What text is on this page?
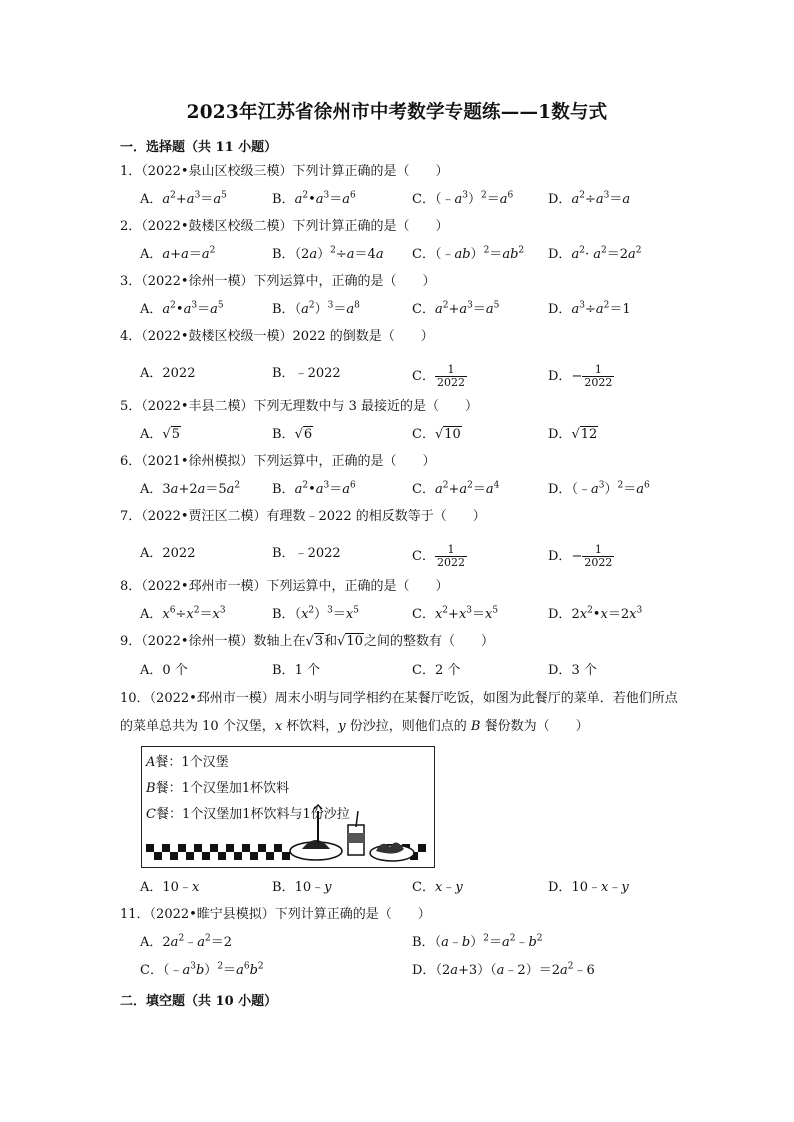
2023年江苏省徐州市中考数学专题练——1数与式
一．选择题（共 11 小题）
1．（2022•泉山区校级三模）下列计算正确的是（　　）
A．$a^2+a^3=a^5$	B．$a^2•a^3=a^6$	C．$(﹣a^3)^2=a^6$	D．$a^2\div a^3=a$
2．（2022•鼓楼区校级二模）下列计算正确的是（　　）
A．$a+a=a^2$	B．$(2a)^2\div a=4a$ C．$(﹣ab)^2=ab^2$ D．$a^2\cdot a^2=2a^2$
3．（2022•徐州一模）下列运算中，正确的是（　　）
A．$a^2•a^3=a^5$	B．$(a^2)^3=a^8$	C．$a^2+a^3=a^5$	D．$a^3\div a^2=1$
4．（2022•鼓楼区校级一模）2022 的倒数是（　　）
A．2022	B．﹣2022	C． $\frac{1}{2022}$	D．− $\frac{1}{2022}$
5．（2022•丰县二模）下列无理数中与 3 最接近的是（　　）
A．√5	B．√6	C．√10	D．√12
6．（2021•徐州模拟）下列运算中，正确的是（　　）
A．$3a+2a=5a^2$ B．$a^2•a^3=a^6$	C．$a^2+a^2=a^4$	D．$(﹣a^3)^2=a^6$
7．（2022•贾汪区二模）有理数﹣2022 的相反数等于（　　）
A．2022	B．﹣2022	C． $\frac{1}{2022}$	D．− $\frac{1}{2022}$
8．（2022•邳州市一模）下列运算中，正确的是（　　）
A．$x^6\div x^2=x^3$	B．$(x^2)^3=x^5$	C．$x^2+x^3=x^5$	D．$2x^2•x=2x^3$
9．（2022•徐州一模）数轴上在√3和√10之间的整数有（　　）
A．0 个	B．1 个	C．2 个	D．3 个
10．（2022•邳州市一模）周末小明与同学相约在某餐厅吃饭，如图为此餐厅的菜单．若他们所点的菜单总共为 10 个汉堡，x 杯饮料，y 份沙拉，则他们点的 B 餐份数为（　　）
A餐：1个汉堡
B餐：1个汉堡加1杯饮料
C餐：1个汉堡加1杯饮料与1份沙拉
A．10﹣x	B．10﹣y	C．x﹣y	D．10﹣x﹣y
11．（2022•睢宁县模拟）下列计算正确的是（　　）
A．$2a^2﹣a^2=2$	B．$(a﹣b)^2=a^2﹣b^2$
C．$(﹣a^3b)^2=a^6b^2$	D．$(2a+3)(a﹣2)=2a^2﹣6$
二．填空题（共 10 小题）
